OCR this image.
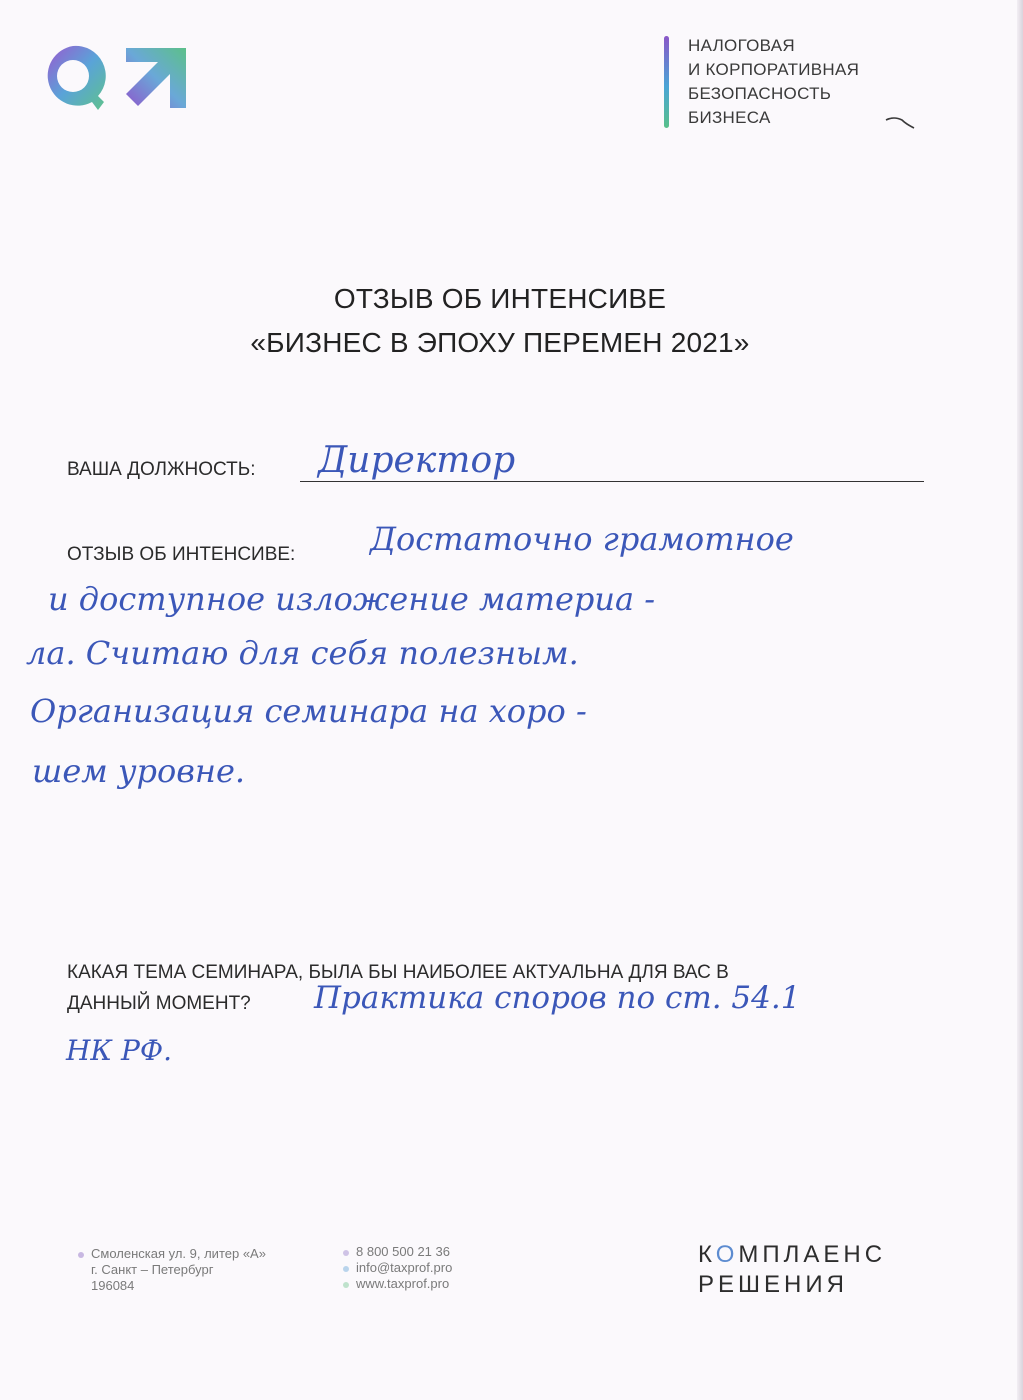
НАЛОГОВАЯ
И КОРПОРАТИВНАЯ
БЕЗОПАСНОСТЬ
БИЗНЕСА
ОТЗЫВ ОБ ИНТЕНСИВЕ
«БИЗНЕС В ЭПОХУ ПЕРЕМЕН 2021»
ВАША ДОЛЖНОСТЬ: Директор
ОТЗЫВ ОБ ИНТЕНСИВЕ: Достаточно грамотное
и доступное изложение материа -
ла. Считаю для себя полезным.
Организация семинара на хоро -
шем уровне.
КАКАЯ ТЕМА СЕМИНАРА, БЫЛА БЫ НАИБОЛЕЕ АКТУАЛЬНА ДЛЯ ВАС В
ДАННЫЙ МОМЕНТ? Практика споров по ст. 54.1
НК РФ.
Смоленская ул. 9, литер «А»
г. Санкт – Петербург
196084
8 800 500 21 36
info@taxprof.pro
www.taxprof.pro
КОМПЛАЕНС
РЕШЕНИЯ
